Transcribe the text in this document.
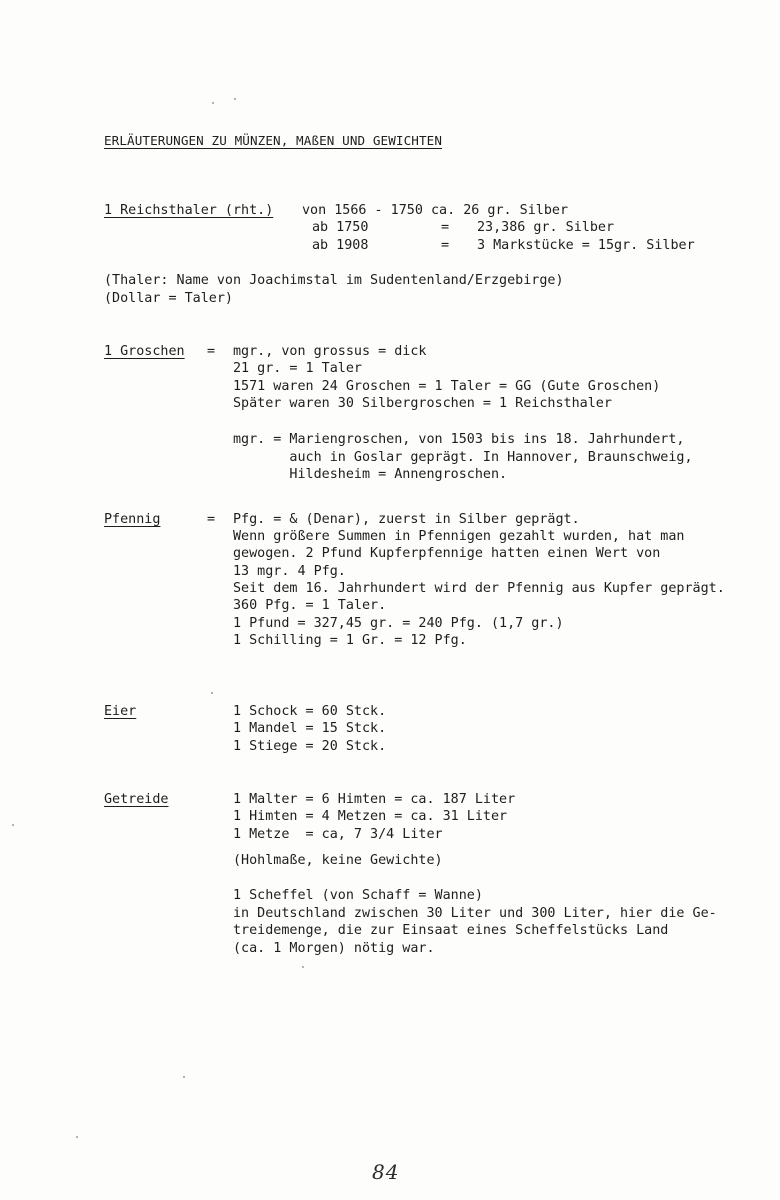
ERLÄUTERUNGEN ZU MÜNZEN, MAßEN UND GEWICHTEN
1 Reichsthaler (rht.) von 1566 - 1750 ca. 26 gr. Silber
ab 1750	= 23,386 gr. Silber
ab 1908	= 3 Markstücke = 15gr. Silber
(Thaler: Name von Joachimstal im Sudentenland/Erzgebirge)
(Dollar = Taler)
1 Groschen = mgr., von grossus = dick
21 gr. = 1 Taler
1571 waren 24 Groschen = 1 Taler = GG (Gute Groschen)
Später waren 30 Silbergroschen = 1 Reichsthaler
mgr. = Mariengroschen, von 1503 bis ins 18. Jahrhundert,
auch in Goslar geprägt. In Hannover, Braunschweig,
Hildesheim = Annengroschen.
Pfennig	= Pfg. = & (Denar), zuerst in Silber geprägt.
Wenn größere Summen in Pfennigen gezahlt wurden, hat man
gewogen. 2 Pfund Kupferpfennige hatten einen Wert von
13 mgr. 4 Pfg.
Seit dem 16. Jahrhundert wird der Pfennig aus Kupfer geprägt.
360 Pfg. = 1 Taler.
1 Pfund = 327,45 gr. = 240 Pfg. (1,7 gr.)
1 Schilling = 1 Gr. = 12 Pfg.
Eier	1 Schock = 60 Stck.
1 Mandel = 15 Stck.
1 Stiege = 20 Stck.
Getreide	1 Malter = 6 Himten = ca. 187 Liter
1 Himten = 4 Metzen = ca. 31 Liter
1 Metze  = ca, 7 3/4 Liter
(Hohlmaße, keine Gewichte)
1 Scheffel (von Schaff = Wanne)
in Deutschland zwischen 30 Liter und 300 Liter, hier die Ge-
treidemenge, die zur Einsaat eines Scheffelstücks Land
(ca. 1 Morgen) nötig war.
84
